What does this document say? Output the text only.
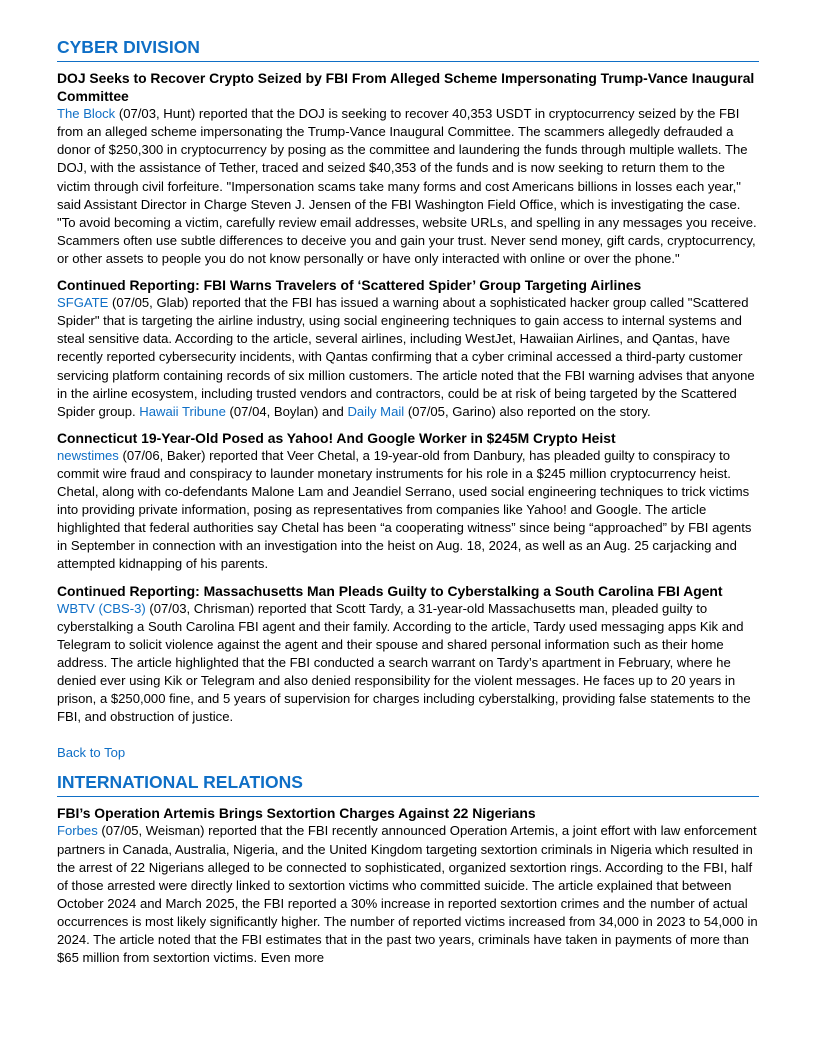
CYBER DIVISION

DOJ Seeks to Recover Crypto Seized by FBI From Alleged Scheme Impersonating Trump-Vance Inaugural Committee

The Block (07/03, Hunt) reported that the DOJ is seeking to recover 40,353 USDT in cryptocurrency seized by the FBI from an alleged scheme impersonating the Trump-Vance Inaugural Committee. The scammers allegedly defrauded a donor of $250,300 in cryptocurrency by posing as the committee and laundering the funds through multiple wallets. The DOJ, with the assistance of Tether, traced and seized $40,353 of the funds and is now seeking to return them to the victim through civil forfeiture. "Impersonation scams take many forms and cost Americans billions in losses each year," said Assistant Director in Charge Steven J. Jensen of the FBI Washington Field Office, which is investigating the case. "To avoid becoming a victim, carefully review email addresses, website URLs, and spelling in any messages you receive. Scammers often use subtle differences to deceive you and gain your trust. Never send money, gift cards, cryptocurrency, or other assets to people you do not know personally or have only interacted with online or over the phone."

Continued Reporting: FBI Warns Travelers of ‘Scattered Spider’ Group Targeting Airlines

SFGATE (07/05, Glab) reported that the FBI has issued a warning about a sophisticated hacker group called "Scattered Spider" that is targeting the airline industry, using social engineering techniques to gain access to internal systems and steal sensitive data. According to the article, several airlines, including WestJet, Hawaiian Airlines, and Qantas, have recently reported cybersecurity incidents, with Qantas confirming that a cyber criminal accessed a third-party customer servicing platform containing records of six million customers. The article noted that the FBI warning advises that anyone in the airline ecosystem, including trusted vendors and contractors, could be at risk of being targeted by the Scattered Spider group. Hawaii Tribune (07/04, Boylan) and Daily Mail (07/05, Garino) also reported on the story.

Connecticut 19-Year-Old Posed as Yahoo! And Google Worker in $245M Crypto Heist

newstimes (07/06, Baker) reported that Veer Chetal, a 19-year-old from Danbury, has pleaded guilty to conspiracy to commit wire fraud and conspiracy to launder monetary instruments for his role in a $245 million cryptocurrency heist. Chetal, along with co-defendants Malone Lam and Jeandiel Serrano, used social engineering techniques to trick victims into providing private information, posing as representatives from companies like Yahoo! and Google. The article highlighted that federal authorities say Chetal has been “a cooperating witness” since being “approached” by FBI agents in September in connection with an investigation into the heist on Aug. 18, 2024, as well as an Aug. 25 carjacking and attempted kidnapping of his parents.

Continued Reporting: Massachusetts Man Pleads Guilty to Cyberstalking a South Carolina FBI Agent

WBTV (CBS-3) (07/03, Chrisman) reported that Scott Tardy, a 31-year-old Massachusetts man, pleaded guilty to cyberstalking a South Carolina FBI agent and their family. According to the article, Tardy used messaging apps Kik and Telegram to solicit violence against the agent and their spouse and shared personal information such as their home address. The article highlighted that the FBI conducted a search warrant on Tardy’s apartment in February, where he denied ever using Kik or Telegram and also denied responsibility for the violent messages. He faces up to 20 years in prison, a $250,000 fine, and 5 years of supervision for charges including cyberstalking, providing false statements to the FBI, and obstruction of justice.

Back to Top
INTERNATIONAL RELATIONS

FBI’s Operation Artemis Brings Sextortion Charges Against 22 Nigerians

Forbes (07/05, Weisman) reported that the FBI recently announced Operation Artemis, a joint effort with law enforcement partners in Canada, Australia, Nigeria, and the United Kingdom targeting sextortion criminals in Nigeria which resulted in the arrest of 22 Nigerians alleged to be connected to sophisticated, organized sextortion rings. According to the FBI, half of those arrested were directly linked to sextortion victims who committed suicide. The article explained that between October 2024 and March 2025, the FBI reported a 30% increase in reported sextortion crimes and the number of actual occurrences is most likely significantly higher. The number of reported victims increased from 34,000 in 2023 to 54,000 in 2024. The article noted that the FBI estimates that in the past two years, criminals have taken in payments of more than $65 million from sextortion victims. Even more
